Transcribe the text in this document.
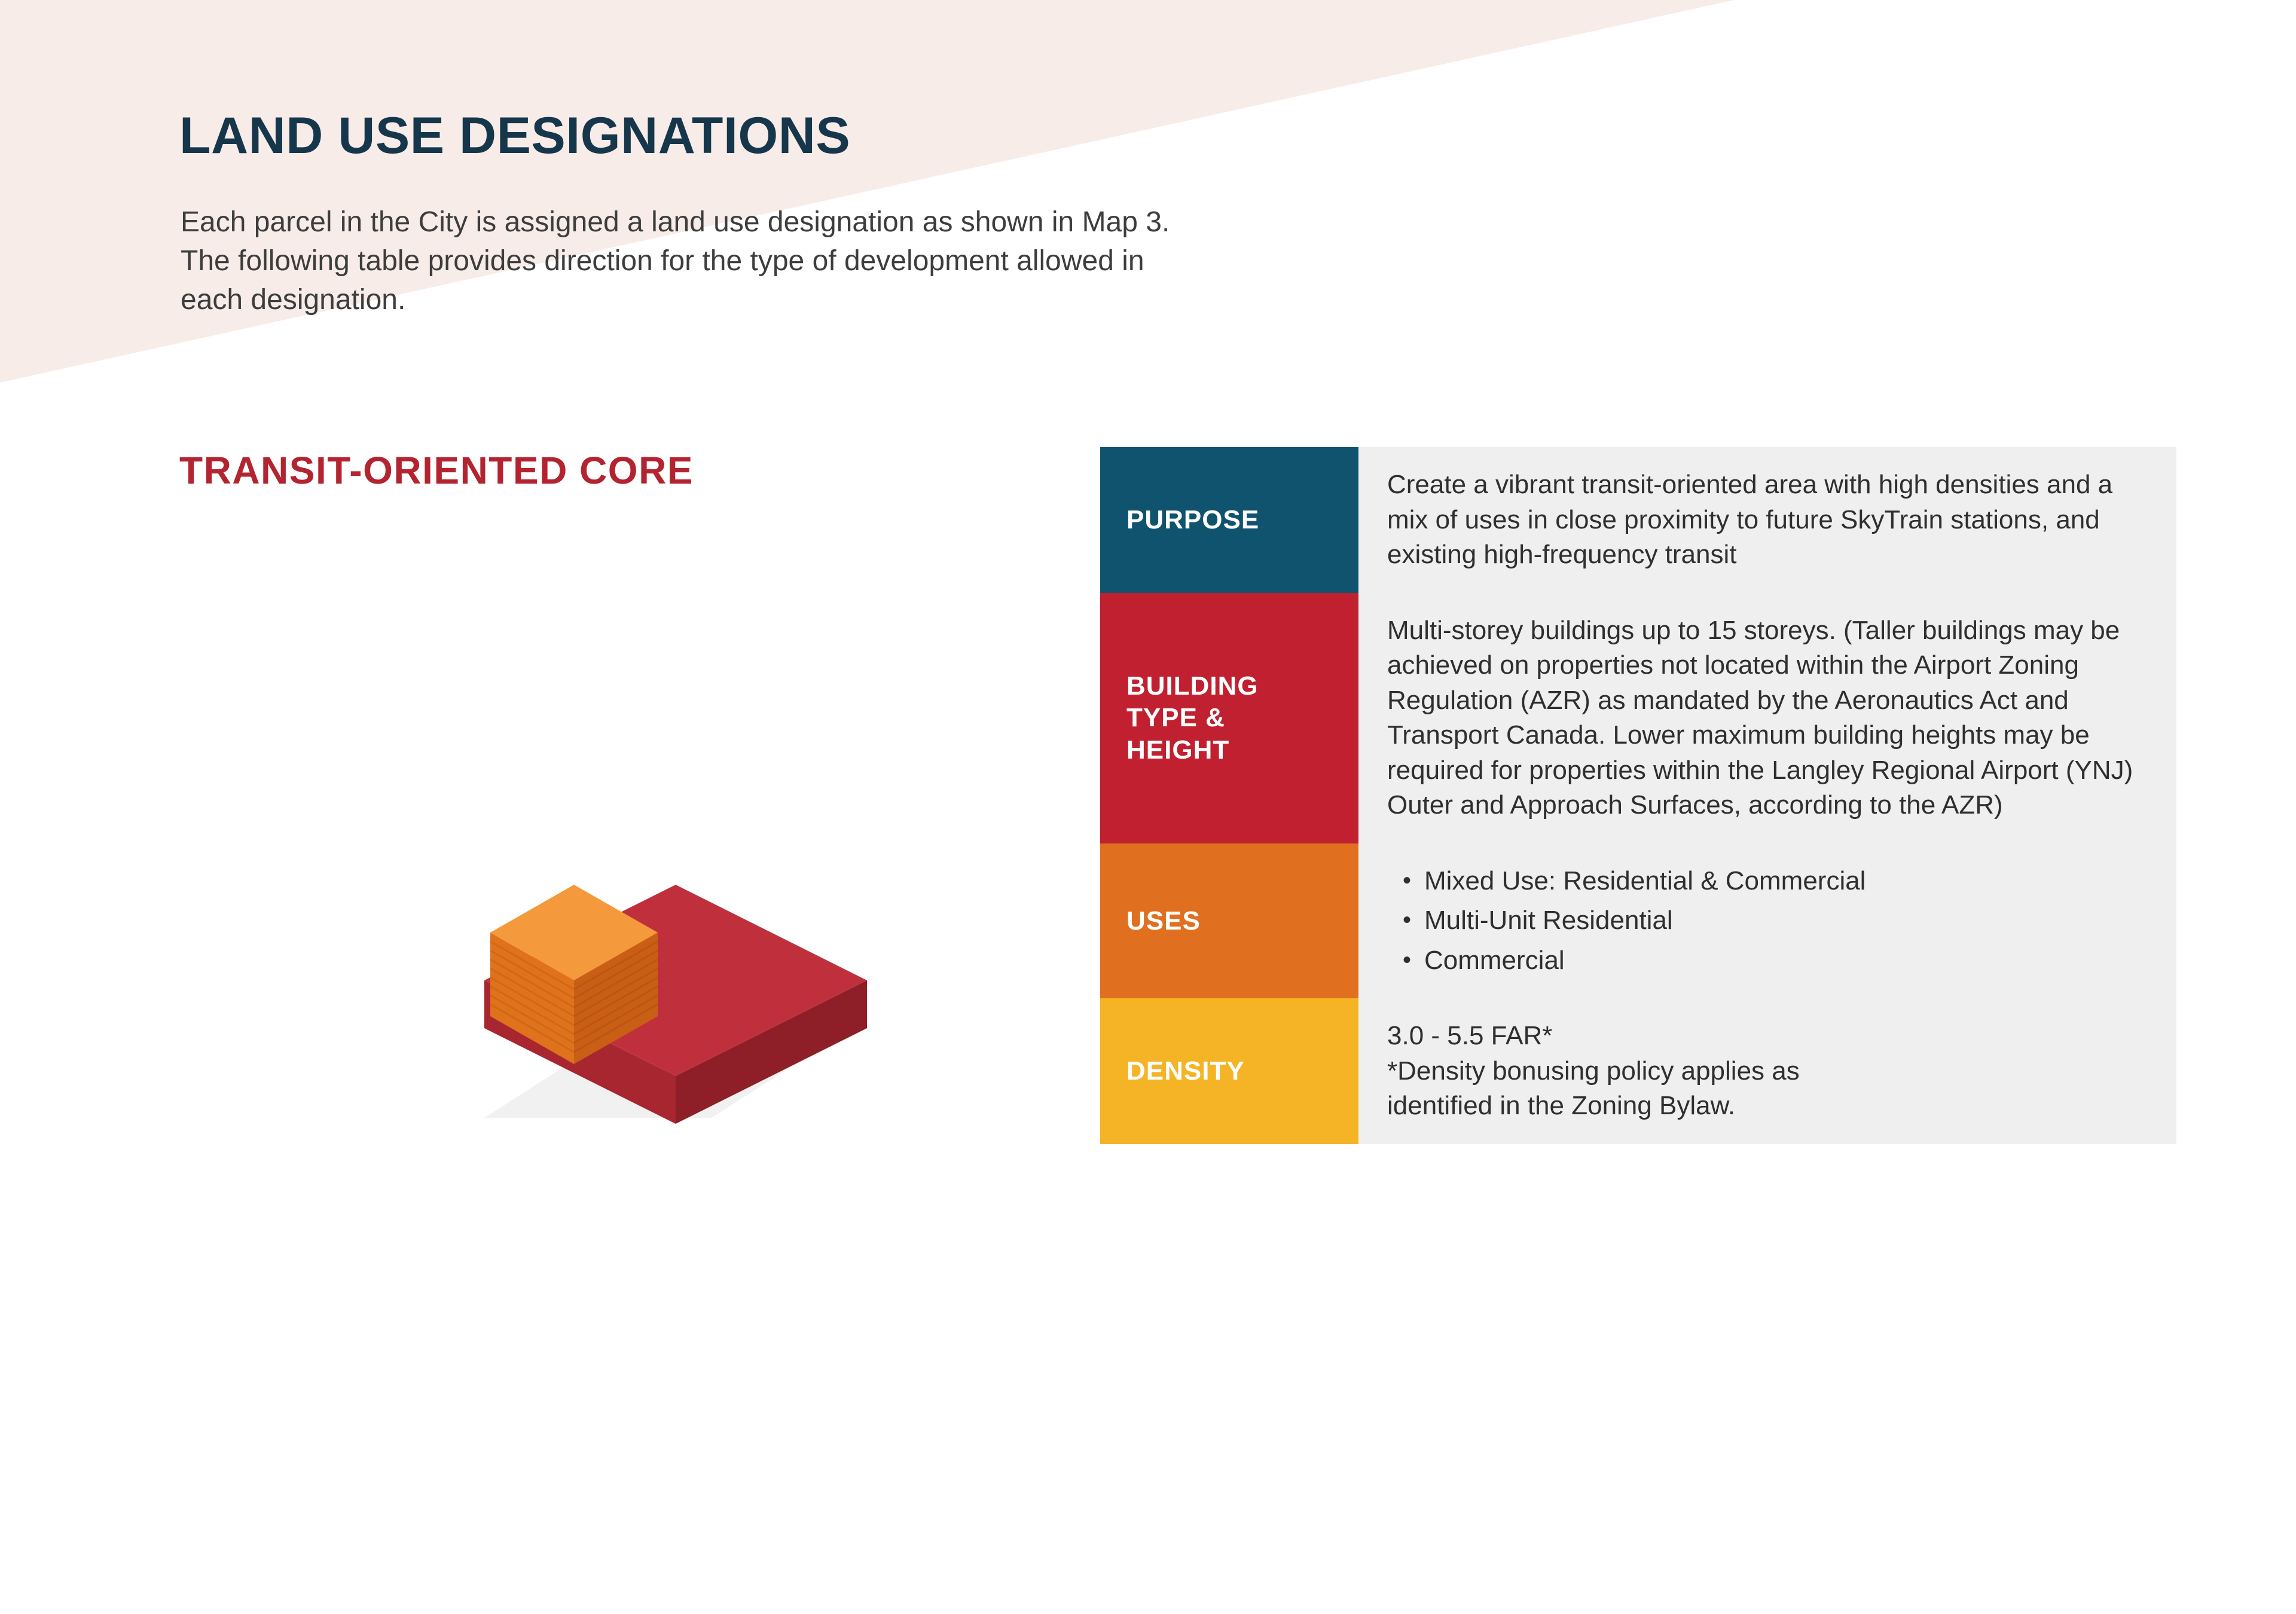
LAND USE DESIGNATIONS
Each parcel in the City is assigned a land use designation as shown in Map 3.
The following table provides direction for the type of development allowed in
each designation.
TRANSIT-ORIENTED CORE
PURPOSE
Create a vibrant transit-oriented area with high densities and a mix of uses in close proximity to future SkyTrain stations, and existing high-frequency transit
BUILDING TYPE & HEIGHT
Multi-storey buildings up to 15 storeys. (Taller buildings may be achieved on properties not located within the Airport Zoning Regulation (AZR) as mandated by the Aeronautics Act and Transport Canada. Lower maximum building heights may be required for properties within the Langley Regional Airport (YNJ) Outer and Approach Surfaces, according to the AZR)
USES
• Mixed Use: Residential & Commercial
• Multi-Unit Residential
• Commercial
DENSITY
3.0 - 5.5 FAR*
*Density bonusing policy applies as
identified in the Zoning Bylaw.
